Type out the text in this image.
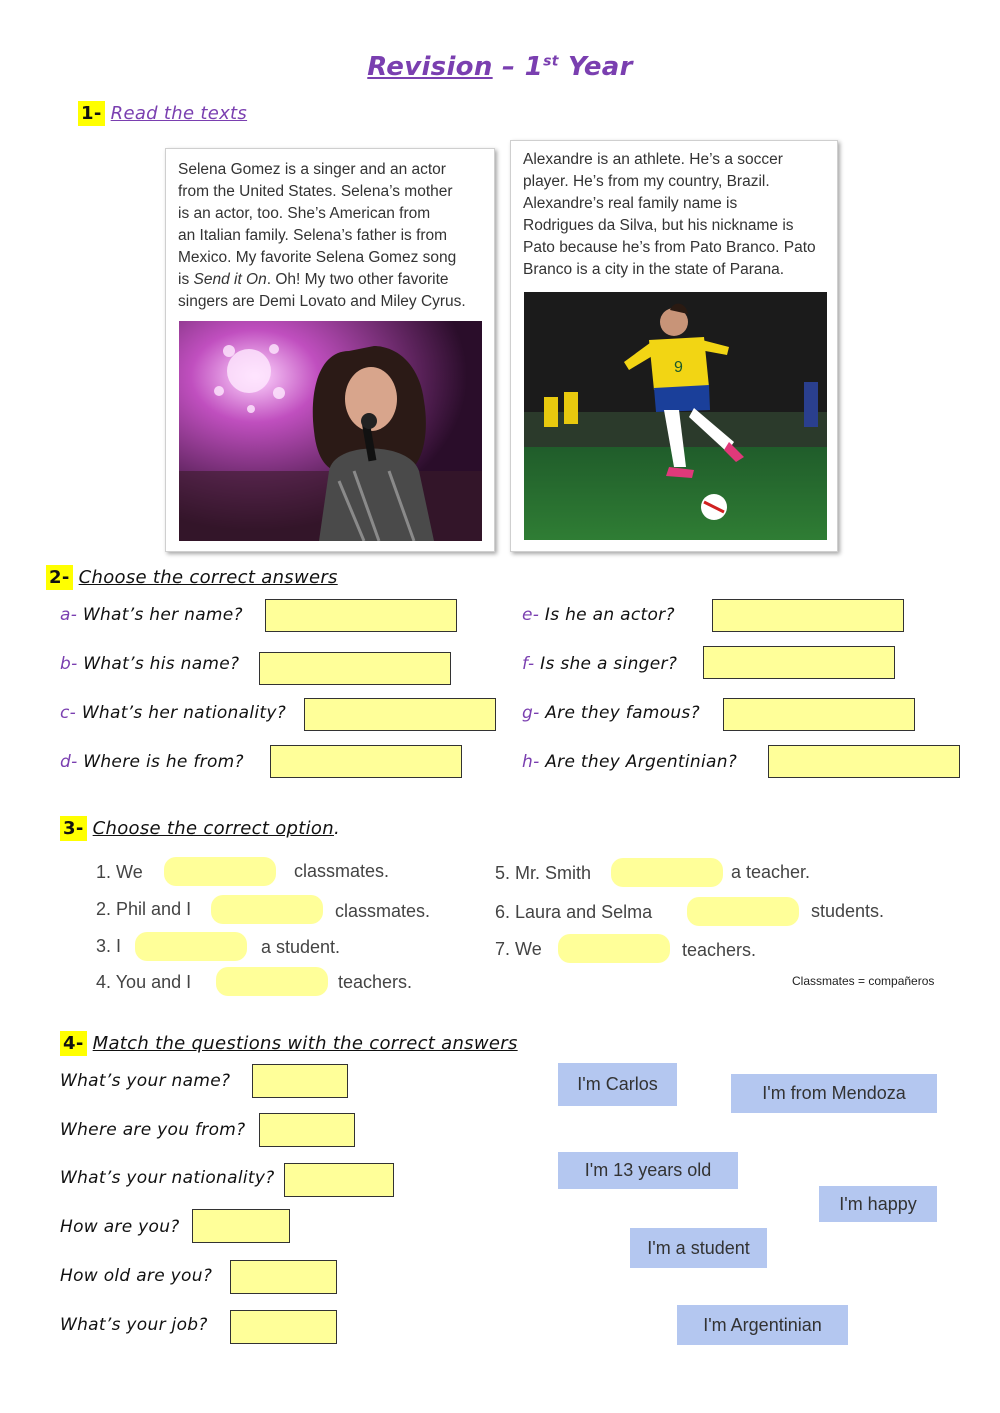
Revision – 1st Year
1- Read the texts
Selena Gomez is a singer and an actor
from the United States. Selena’s mother
is an actor, too. She’s American from
an Italian family. Selena’s father is from
Mexico. My favorite Selena Gomez song
is Send it On. Oh! My two other favorite
singers are Demi Lovato and Miley Cyrus.
Alexandre is an athlete. He’s a soccer
player. He’s from my country, Brazil.
Alexandre’s real family name is
Rodrigues da Silva, but his nickname is
Pato because he’s from Pato Branco. Pato
Branco is a city in the state of Parana.
9
2- Choose the correct answers
a- What’s her name?
b- What’s his name?
c- What’s her nationality?
d- Where is he from?
e- Is he an actor?
f- Is she a singer?
g- Are they famous?
h- Are they Argentinian?
3- Choose the correct option.
1. We	classmates.
2. Phil and I	classmates.
3. I	a student.
4. You and I	teachers.
5. Mr. Smith	a teacher.
6. Laura and Selma	students.
7. We	teachers.
Classmates = compañeros
4- Match the questions with the correct answers
What’s your name?
Where are you from?
What’s your nationality?
How are you?
How old are you?
What’s your job?
I'm Carlos	I'm from Mendoza
I'm 13 years old
I'm happy
I'm a student
I'm Argentinian
